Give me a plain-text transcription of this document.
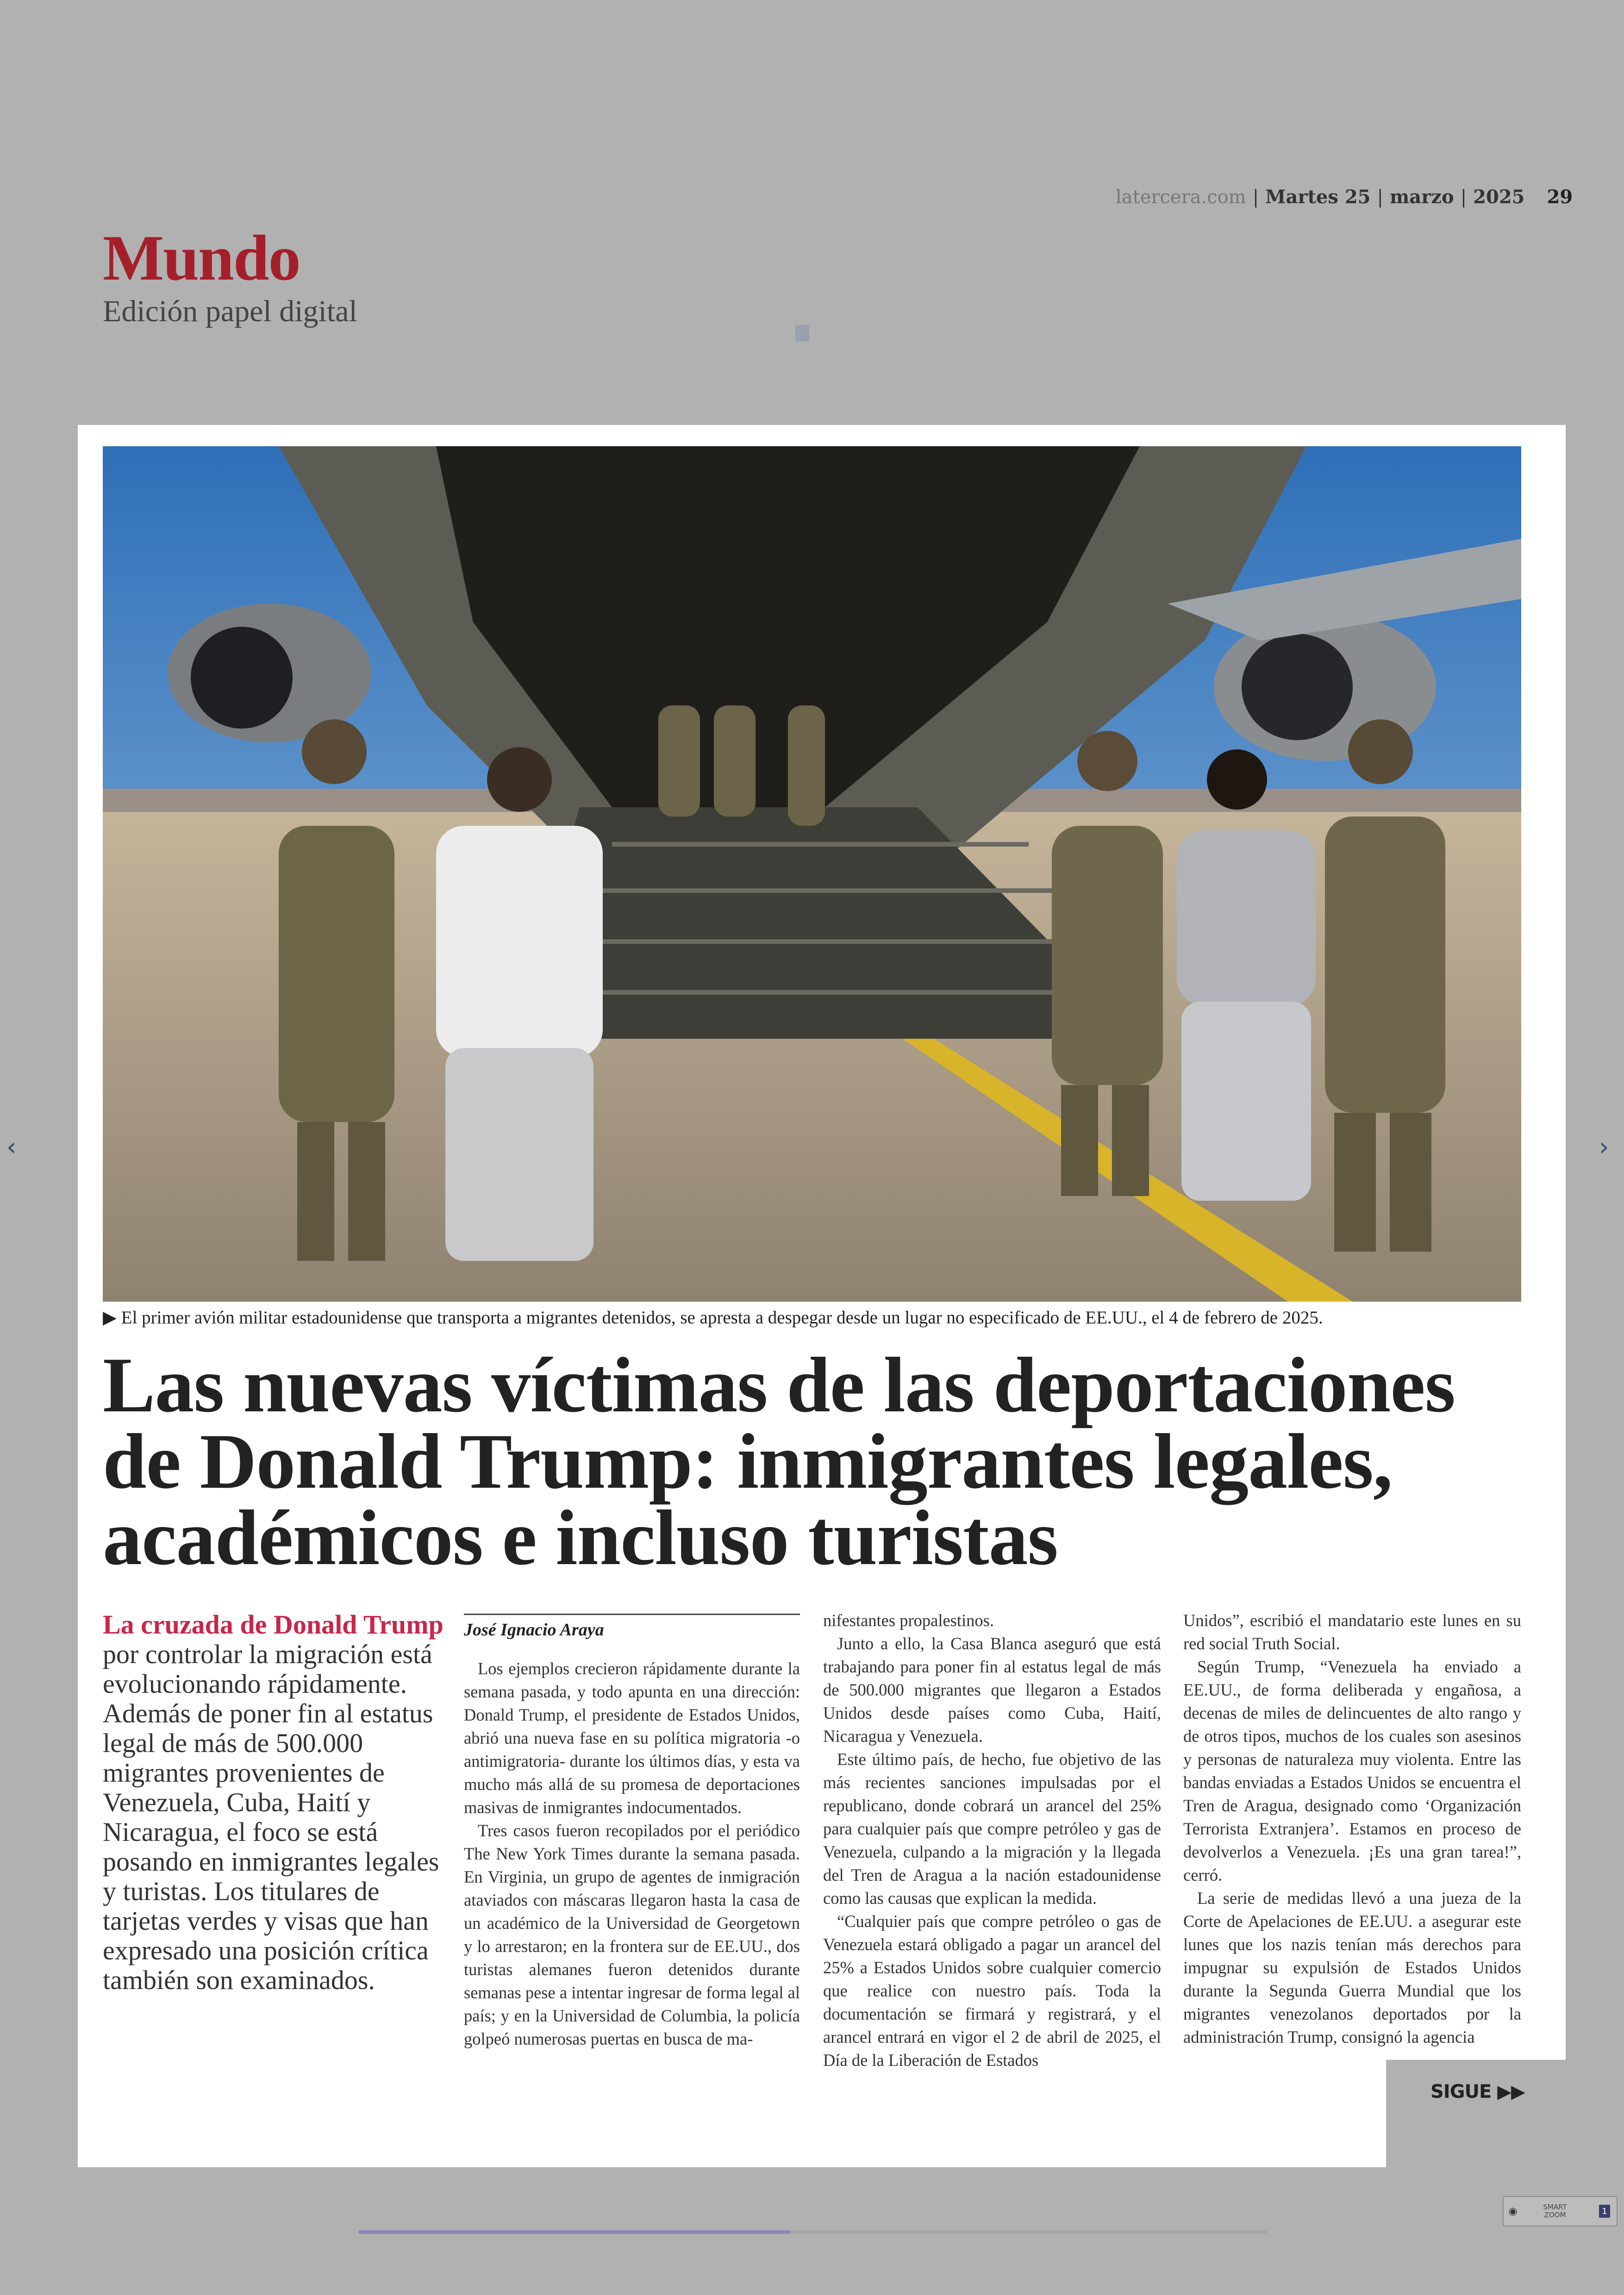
latercera.com | Martes 25 | marzo | 2025 29
Mundo
Edición papel digital
▶ El primer avión militar estadounidense que transporta a migrantes detenidos, se apresta a despegar desde un lugar no especificado de EE.UU., el 4 de febrero de 2025.
Las nuevas víctimas de las deportaciones de Donald Trump: inmigrantes legales, académicos e incluso turistas
La cruzada de Donald Trump por controlar la migración está evolucionando rápidamente. Además de poner fin al estatus legal de más de 500.000 migrantes provenientes de Venezuela, Cuba, Haití y Nicaragua, el foco se está posando en inmigrantes legales y turistas. Los titulares de tarjetas verdes y visas que han expresado una posición crítica también son examinados.
José Ignacio Araya

Los ejemplos crecieron rápidamente durante la semana pasada, y todo apunta en una dirección: Donald Trump, el presidente de Estados Unidos, abrió una nueva fase en su política migratoria -o antimigratoria- durante los últimos días, y esta va mucho más allá de su promesa de deportaciones masivas de inmigrantes indocumentados.

Tres casos fueron recopilados por el periódico The New York Times durante la semana pasada. En Virginia, un grupo de agentes de inmigración ataviados con máscaras llegaron hasta la casa de un académico de la Universidad de Georgetown y lo arrestaron; en la frontera sur de EE.UU., dos turistas alemanes fueron detenidos durante semanas pese a intentar ingresar de forma legal al país; y en la Universidad de Columbia, la policía golpeó numerosas puertas en busca de ma-

nifestantes propalestinos.

Junto a ello, la Casa Blanca aseguró que está trabajando para poner fin al estatus legal de más de 500.000 migrantes que llegaron a Estados Unidos desde países como Cuba, Haití, Nicaragua y Venezuela.

Este último país, de hecho, fue objetivo de las más recientes sanciones impulsadas por el republicano, donde cobrará un arancel del 25% para cualquier país que compre petróleo y gas de Venezuela, culpando a la migración y la llegada del Tren de Aragua a la nación estadounidense como las causas que explican la medida.

“Cualquier país que compre petróleo o gas de Venezuela estará obligado a pagar un arancel del 25% a Estados Unidos sobre cualquier comercio que realice con nuestro país. Toda la documentación se firmará y registrará, y el arancel entrará en vigor el 2 de abril de 2025, el Día de la Liberación de Estados

Unidos”, escribió el mandatario este lunes en su red social Truth Social.

Según Trump, “Venezuela ha enviado a EE.UU., de forma deliberada y engañosa, a decenas de miles de delincuentes de alto rango y de otros tipos, muchos de los cuales son asesinos y personas de naturaleza muy violenta. Entre las bandas enviadas a Estados Unidos se encuentra el Tren de Aragua, designado como ‘Organización Terrorista Extranjera’. Estamos en proceso de devolverlos a Venezuela. ¡Es una gran tarea!”, cerró.

La serie de medidas llevó a una jueza de la Corte de Apelaciones de EE.UU. a asegurar este lunes que los nazis tenían más derechos para impugnar su expulsión de Estados Unidos durante la Segunda Guerra Mundial que los migrantes venezolanos deportados por la administración Trump, consignó la agencia

SIGUE ▶▶
‹	›
◉	SMART ZOOM	1
